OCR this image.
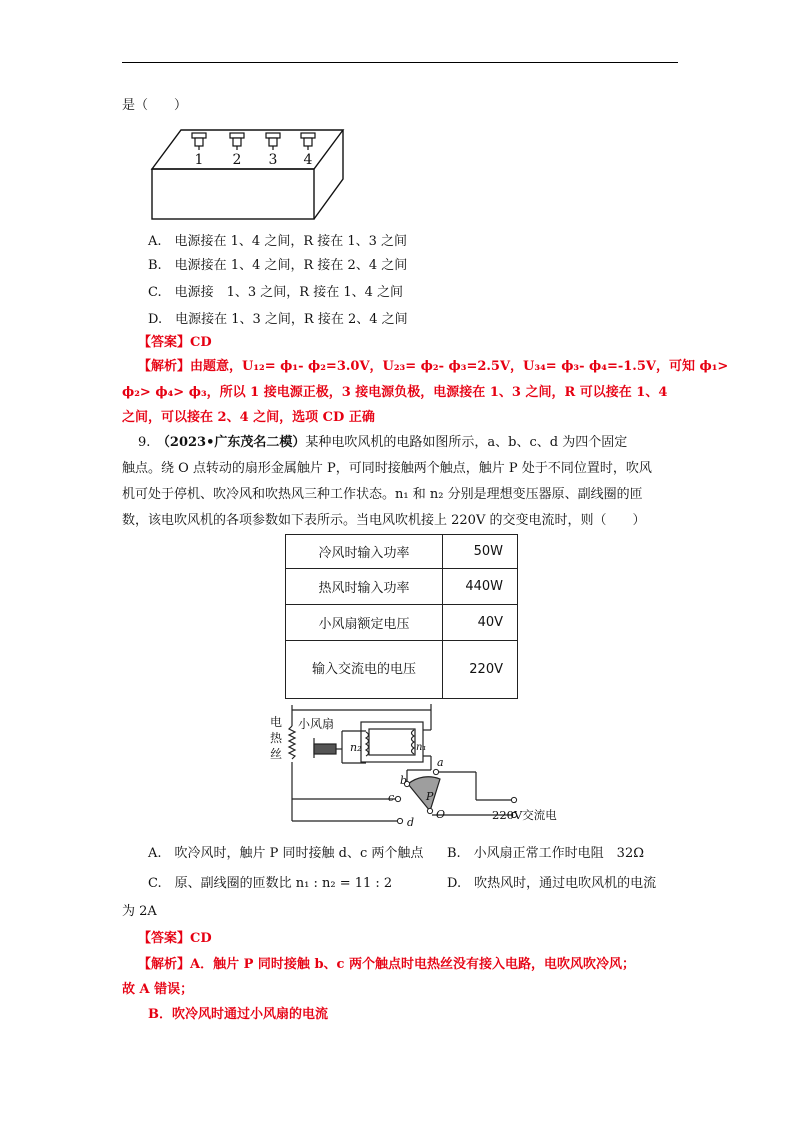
是（　　）
1 2 3 4
A.　电源接在 1、4 之间，R 接在 1、3 之间
B.　电源接在 1、4 之间，R 接在 2、4 之间
C.　电源接　1、3 之间，R 接在 1、4 之间
D.　电源接在 1、3 之间，R 接在 2、4 之间
【答案】CD
【解析】由题意，U₁₂= ϕ₁- ϕ₂=3.0V，U₂₃= ϕ₂- ϕ₃=2.5V，U₃₄= ϕ₃- ϕ₄=-1.5V，可知 ϕ₁>
ϕ₂> ϕ₄> ϕ₃，所以 1 接电源正极，3 接电源负极，电源接在 1、3 之间，R 可以接在 1、4
之间，可以接在 2、4 之间，选项 CD 正确
9.　（2023•广东茂名二模）某种电吹风机的电路如图所示，a、b、c、d 为四个固定
触点。绕 O 点转动的扇形金属触片 P，可同时接触两个触点，触片 P 处于不同位置时，吹风
机可处于停机、吹冷风和吹热风三种工作状态。n₁ 和 n₂ 分别是理想变压器原、副线圈的匝
数，该电吹风机的各项参数如下表所示。当电风吹机接上 220V 的交变电流时，则（　　）
冷风时输入功率	50W
热风时输入功率	440W
小风扇额定电压	40V
输入交流电的电压	220V
电 热 丝
小风扇
n₂	n₁
a
b
c
d
P
O	220V交流电
A.　吹冷风时，触片 P 同时接触 d、c 两个触点 B.　小风扇正常工作时电阻　32Ω
C.　原、副线圈的匝数比 n₁ : n₂ = 11 : 2	D.　吹热风时，通过电吹风机的电流
为 2A
【答案】CD
【解析】A．触片 P 同时接触 b、c 两个触点时电热丝没有接入电路，电吹风吹冷风；
故 A 错误；
B．吹冷风时通过小风扇的电流
